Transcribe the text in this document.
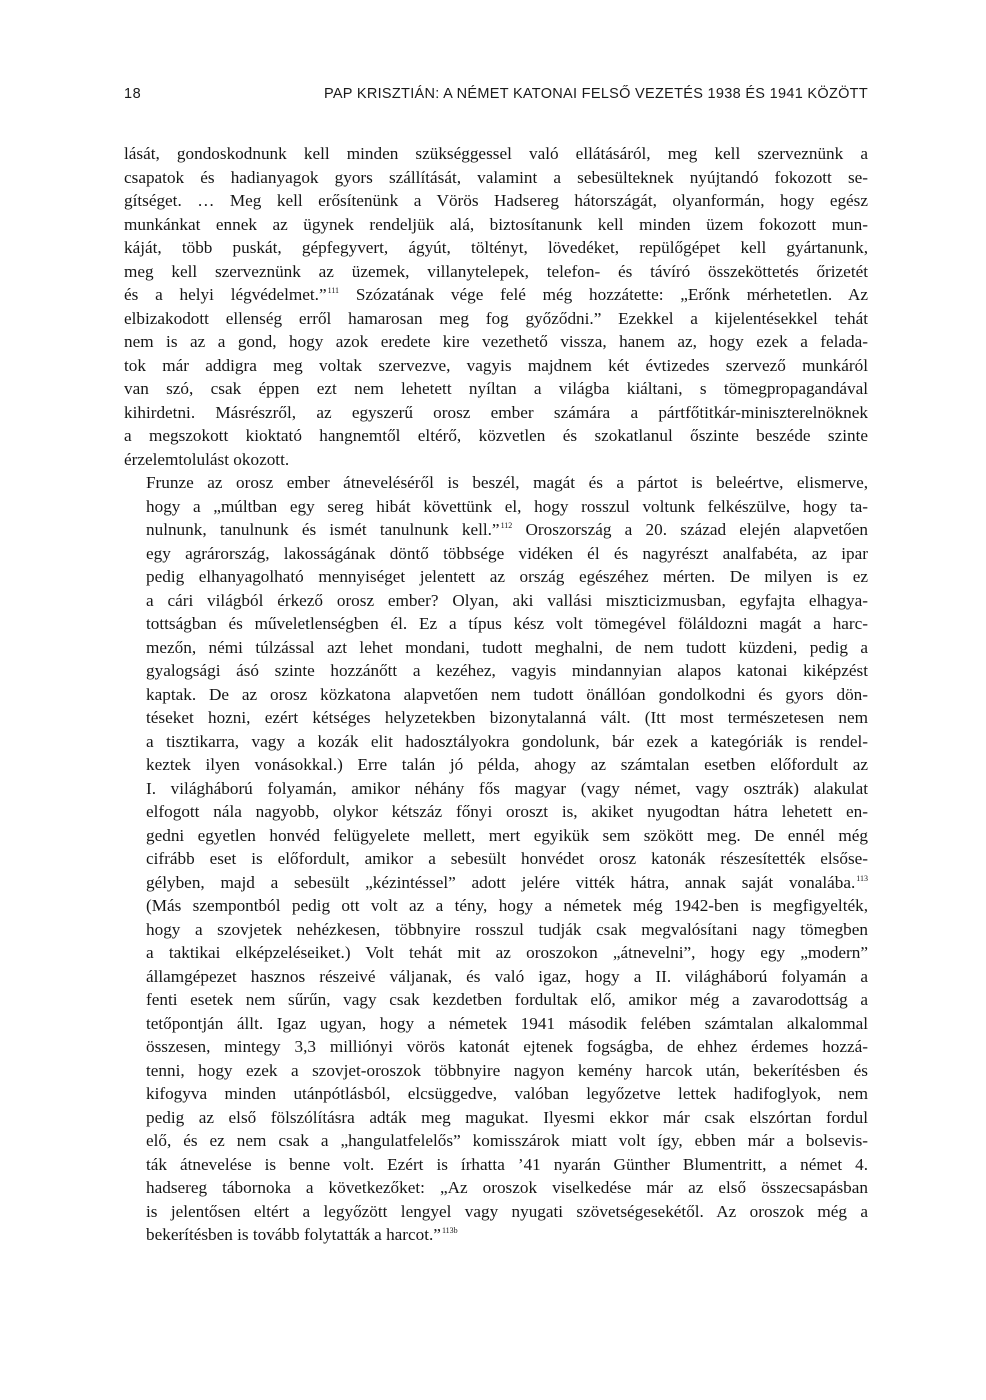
18	PAP KRISZTIÁN: A NÉMET KATONAI FELSŐ VEZETÉS 1938 ÉS 1941 KÖZÖTT

lását, gondoskodnunk kell minden szükséggessel való ellátásáról, meg kell szerveznünk a
csapatok és hadianyagok gyors szállítását, valamint a sebesülteknek nyújtandó fokozott se-
gítséget. … Meg kell erősítenünk a Vörös Hadsereg hátországát, olyanformán, hogy egész
munkánkat ennek az ügynek rendeljük alá, biztosítanunk kell minden üzem fokozott mun-
káját, több puskát, gépfegyvert, ágyút, töltényt, lövedéket, repülőgépet kell gyártanunk,
meg kell szerveznünk az üzemek, villanytelepek, telefon- és távíró összeköttetés őrizetét
és a helyi légvédelmet.”$^{111}$ Szózatának vége felé még hozzátette: „Erőnk mérhetetlen. Az
elbizakodott ellenség erről hamarosan meg fog győződni.” Ezekkel a kijelentésekkel tehát
nem is az a gond, hogy azok eredete kire vezethető vissza, hanem az, hogy ezek a felada-
tok már addigra meg voltak szervezve, vagyis majdnem két évtizedes szervező munkáról
van szó, csak éppen ezt nem lehetett nyíltan a világba kiáltani, s tömegpropagandával
kihirdetni. Másrészről, az egyszerű orosz ember számára a pártfőtitkár-miniszterelnöknek
a megszokott kioktató hangnemtől eltérő, közvetlen és szokatlanul őszinte beszéde szinte
érzelemtolulást okozott.

Frunze az orosz ember átneveléséről is beszél, magát és a pártot is beleértve, elismerve,
hogy a „múltban egy sereg hibát követtünk el, hogy rosszul voltunk felkészülve, hogy ta-
nulnunk, tanulnunk és ismét tanulnunk kell.”$^{112}$ Oroszország a 20. század elején alapvetően
egy agrárország, lakosságának döntő többsége vidéken él és nagyrészt analfabéta, az ipar
pedig elhanyagolható mennyiséget jelentett az ország egészéhez mérten. De milyen is ez
a cári világból érkező orosz ember? Olyan, aki vallási miszticizmusban, egyfajta elhagya-
tottságban és műveletlenségben él. Ez a típus kész volt tömegével föláldozni magát a harc-
mezőn, némi túlzással azt lehet mondani, tudott meghalni, de nem tudott küzdeni, pedig a
gyalogsági ásó szinte hozzánőtt a kezéhez, vagyis mindannyian alapos katonai kiképzést
kaptak. De az orosz közkatona alapvetően nem tudott önállóan gondolkodni és gyors dön-
téseket hozni, ezért kétséges helyzetekben bizonytalanná vált. (Itt most természetesen nem
a tisztikarra, vagy a kozák elit hadosztályokra gondolunk, bár ezek a kategóriák is rendel-
keztek ilyen vonásokkal.) Erre talán jó példa, ahogy az számtalan esetben előfordult az
I. világháború folyamán, amikor néhány fős magyar (vagy német, vagy osztrák) alakulat
elfogott nála nagyobb, olykor kétszáz főnyi oroszt is, akiket nyugodtan hátra lehetett en-
gedni egyetlen honvéd felügyelete mellett, mert egyikük sem szökött meg. De ennél még
cifrább eset is előfordult, amikor a sebesült honvédet orosz katonák részesítették elsőse-
gélyben, majd a sebesült „kézintéssel” adott jelére vitték hátra, annak saját vonalába.$^{113}$
(Más szempontból pedig ott volt az a tény, hogy a németek még 1942-ben is megfigyelték,
hogy a szovjetek nehézkesen, többnyire rosszul tudják csak megvalósítani nagy tömegben
a taktikai elképzeléseiket.) Volt tehát mit az oroszokon „átnevelni”, hogy egy „modern”
államgépezet hasznos részeivé váljanak, és való igaz, hogy a II. világháború folyamán a
fenti esetek nem sűrűn, vagy csak kezdetben fordultak elő, amikor még a zavarodottság a
tetőpontján állt. Igaz ugyan, hogy a németek 1941 második felében számtalan alkalommal
összesen, mintegy 3,3 milliónyi vörös katonát ejtenek fogságba, de ehhez érdemes hozzá-
tenni, hogy ezek a szovjet-oroszok többnyire nagyon kemény harcok után, bekerítésben és
kifogyva minden utánpótlásból, elcsüggedve, valóban legyőzetve lettek hadifoglyok, nem
pedig az első fölszólításra adták meg magukat. Ilyesmi ekkor már csak elszórtan fordul
elő, és ez nem csak a „hangulatfelelős” komisszárok miatt volt így, ebben már a bolsevis-
ták átnevelése is benne volt. Ezért is írhatta ’41 nyarán Günther Blumentritt, a német 4.
hadsereg tábornoka a következőket: „Az oroszok viselkedése már az első összecsapásban
is jelentősen eltért a legyőzött lengyel vagy nyugati szövetségesekétől. Az oroszok még a
bekerítésben is tovább folytatták a harcot.”$^{113b}$
